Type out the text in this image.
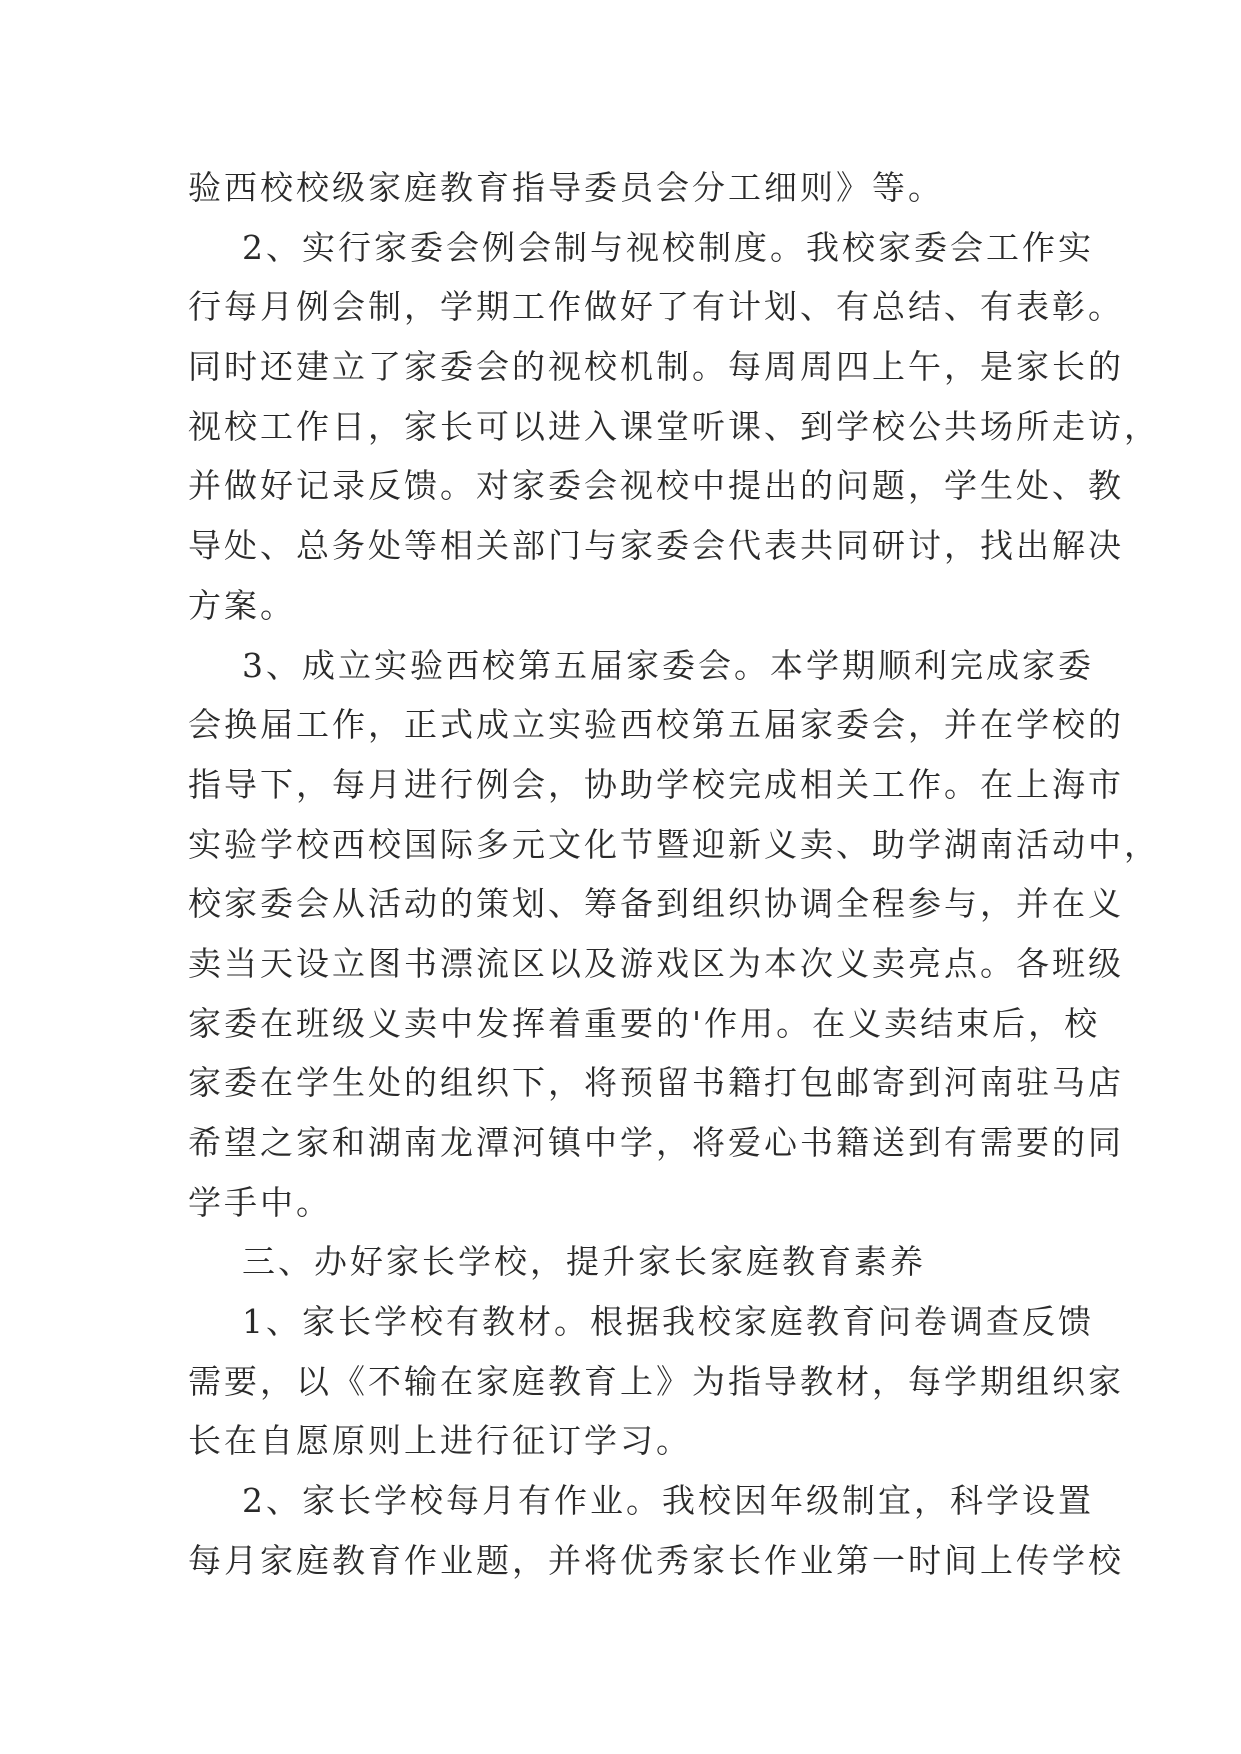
验西校校级家庭教育指导委员会分工细则》等。
2、实行家委会例会制与视校制度。我校家委会工作实
行每月例会制，学期工作做好了有计划、有总结、有表彰。
同时还建立了家委会的视校机制。每周周四上午，是家长的
视校工作日，家长可以进入课堂听课、到学校公共场所走访，
并做好记录反馈。对家委会视校中提出的问题，学生处、教
导处、总务处等相关部门与家委会代表共同研讨，找出解决
方案。
3、成立实验西校第五届家委会。本学期顺利完成家委
会换届工作，正式成立实验西校第五届家委会，并在学校的
指导下，每月进行例会，协助学校完成相关工作。在上海市
实验学校西校国际多元文化节暨迎新义卖、助学湖南活动中，
校家委会从活动的策划、筹备到组织协调全程参与，并在义
卖当天设立图书漂流区以及游戏区为本次义卖亮点。各班级
家委在班级义卖中发挥着重要的'作用。在义卖结束后，校
家委在学生处的组织下，将预留书籍打包邮寄到河南驻马店
希望之家和湖南龙潭河镇中学，将爱心书籍送到有需要的同
学手中。
三、办好家长学校，提升家长家庭教育素养
1、家长学校有教材。根据我校家庭教育问卷调查反馈
需要，以《不输在家庭教育上》为指导教材，每学期组织家
长在自愿原则上进行征订学习。
2、家长学校每月有作业。我校因年级制宜，科学设置
每月家庭教育作业题，并将优秀家长作业第一时间上传学校
